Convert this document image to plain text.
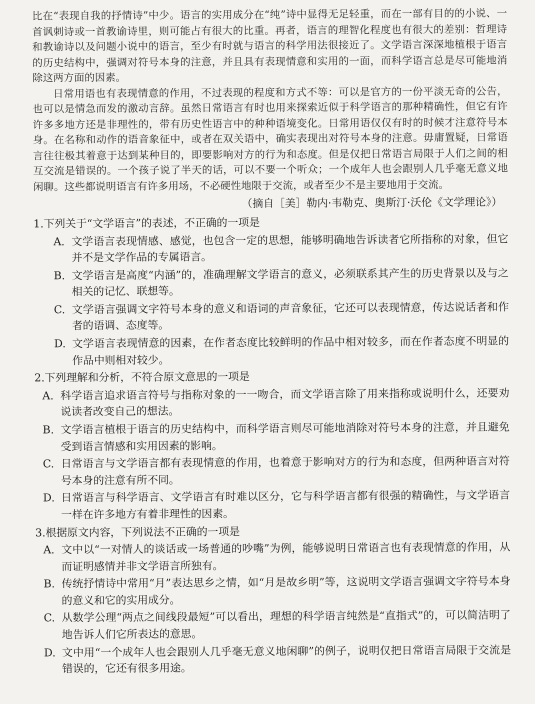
比在“表现自我的抒情诗”中少。语言的实用成分在“纯”诗中显得无足轻重，而在一部有目的的小说、一首讽刺诗或一首教谕诗里，则可能占有很大的比重。再者，语言的理智化程度也有很大的差别：哲理诗和教谕诗以及问题小说中的语言，至少有时就与语言的科学用法很接近了。文学语言深深地植根于语言的历史结构中，强调对符号本身的注意，并且具有表现情意和实用的一面，而科学语言总是尽可能地消除这两方面的因素。

日常用语也有表现情意的作用，不过表现的程度和方式不等：可以是官方的一份平淡无奇的公告，也可以是情急而发的激动言辞。虽然日常语言有时也用来探索近似于科学语言的那种精确性，但它有许许多多地方还是非理性的，带有历史性语言中的种种语境变化。日常用语仅仅有时的时候才注意符号本身。在名称和动作的语音象征中，或者在双关语中，确实表现出对符号本身的注意。毋庸置疑，日常语言往往极其着意于达到某种目的，即要影响对方的行为和态度。但是仅把日常语言局限于人们之间的相互交流是错误的。一个孩子说了半天的话，可以不要一个听众；一个成年人也会跟别人几乎毫无意义地闲聊。这些都说明语言有许多用场，不必硬性地限于交流，或者至少不是主要地用于交流。

（摘自［美］勒内·韦勒克、奥斯汀·沃伦《文学理论》）
1.下列关于“文学语言”的表述，不正确的一项是
A. 文学语言表现情感、感觉，也包含一定的思想，能够明确地告诉读者它所指称的对象，但它并不是文学作品的专属语言。
B. 文学语言是高度“内涵”的，准确理解文学语言的意义，必须联系其产生的历史背景以及与之相关的记忆、联想等。
C. 文学语言强调文字符号本身的意义和语词的声音象征，它还可以表现情意，传达说话者和作者的语调、态度等。
D. 文学语言表现情意的因素，在作者态度比较鲜明的作品中相对较多，而在作者态度不明显的作品中则相对较少。
2.下列理解和分析，不符合原文意思的一项是
A. 科学语言追求语言符号与指称对象的一一吻合，而文学语言除了用来指称或说明什么，还要劝说读者改变自己的想法。
B. 文学语言植根于语言的历史结构中，而科学语言则尽可能地消除对符号本身的注意，并且避免受到语言情感和实用因素的影响。
C. 日常语言与文学语言都有表现情意的作用，也着意于影响对方的行为和态度，但两种语言对符号本身的注意有所不同。
D. 日常语言与科学语言、文学语言有时难以区分，它与科学语言都有很强的精确性，与文学语言一样在许多地方有着非理性的因素。
3.根据原文内容，下列说法不正确的一项是
A. 文中以“一对情人的谈话或一场普通的吵嘴”为例，能够说明日常语言也有表现情意的作用，从而证明感情并非文学语言所独有。
B. 传统抒情诗中常用“月”表达思乡之情，如“月是故乡明”等，这说明文学语言强调文字符号本身的意义和它的实用成分。
C. 从数学公理“两点之间线段最短”可以看出，理想的科学语言纯然是“直指式”的，可以简洁明了地告诉人们它所表达的意思。
D. 文中用“一个成年人也会跟别人几乎毫无意义地闲聊”的例子，说明仅把日常语言局限于交流是错误的，它还有很多用途。
